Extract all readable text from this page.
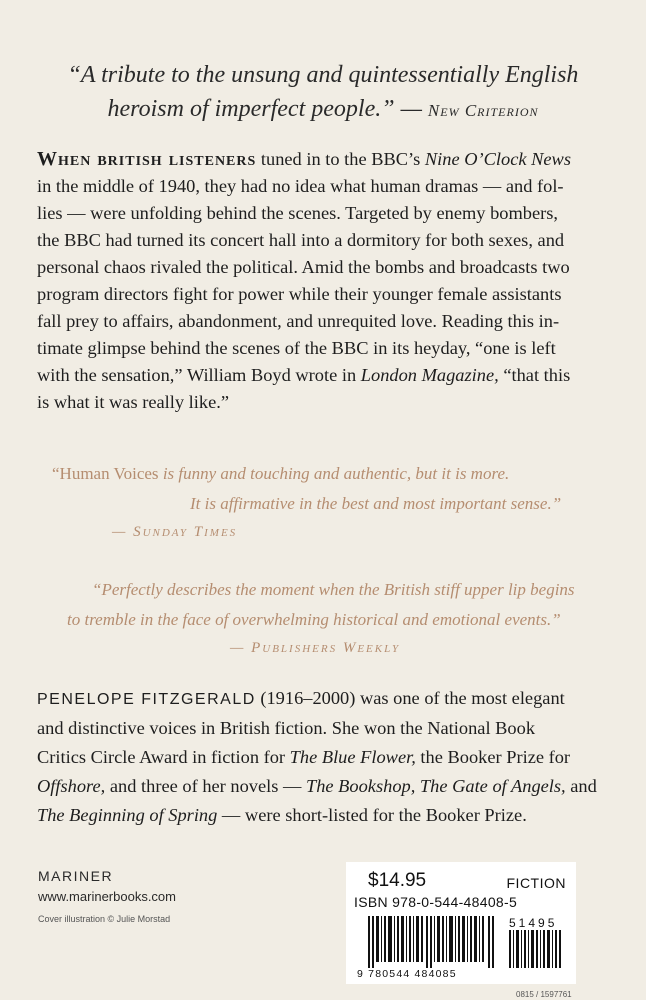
“A tribute to the unsung and quintessentially English
heroism of imperfect people.” — New Criterion
When british listeners tuned in to the BBC’s Nine O’Clock News
in the middle of 1940, they had no idea what human dramas — and fol-
lies — were unfolding behind the scenes. Targeted by enemy bombers,
the BBC had turned its concert hall into a dormitory for both sexes, and
personal chaos rivaled the political. Amid the bombs and broadcasts two
program directors fight for power while their younger female assistants
fall prey to affairs, abandonment, and unrequited love. Reading this in-
timate glimpse behind the scenes of the BBC in its heyday, “one is left
with the sensation,” William Boyd wrote in London Magazine, “that this
is what it was really like.”
“Human Voices is funny and touching and authentic, but it is more.
It is affirmative in the best and most important sense.”
— Sunday Times
“Perfectly describes the moment when the British stiff upper lip begins
to tremble in the face of overwhelming historical and emotional events.”
— Publishers Weekly
PENELOPE FITZGERALD (1916–2000) was one of the most elegant
and distinctive voices in British fiction. She won the National Book
Critics Circle Award in fiction for The Blue Flower, the Booker Prize for
Offshore, and three of her novels — The Bookshop, The Gate of Angels, and
The Beginning of Spring — were short-listed for the Booker Prize.
MARINER
www.marinerbooks.com
Cover illustration © Julie Morstad
$14.95	FICTION
ISBN 978-0-544-48408-5
51495
9 780544 484085
0815 / 1597761
